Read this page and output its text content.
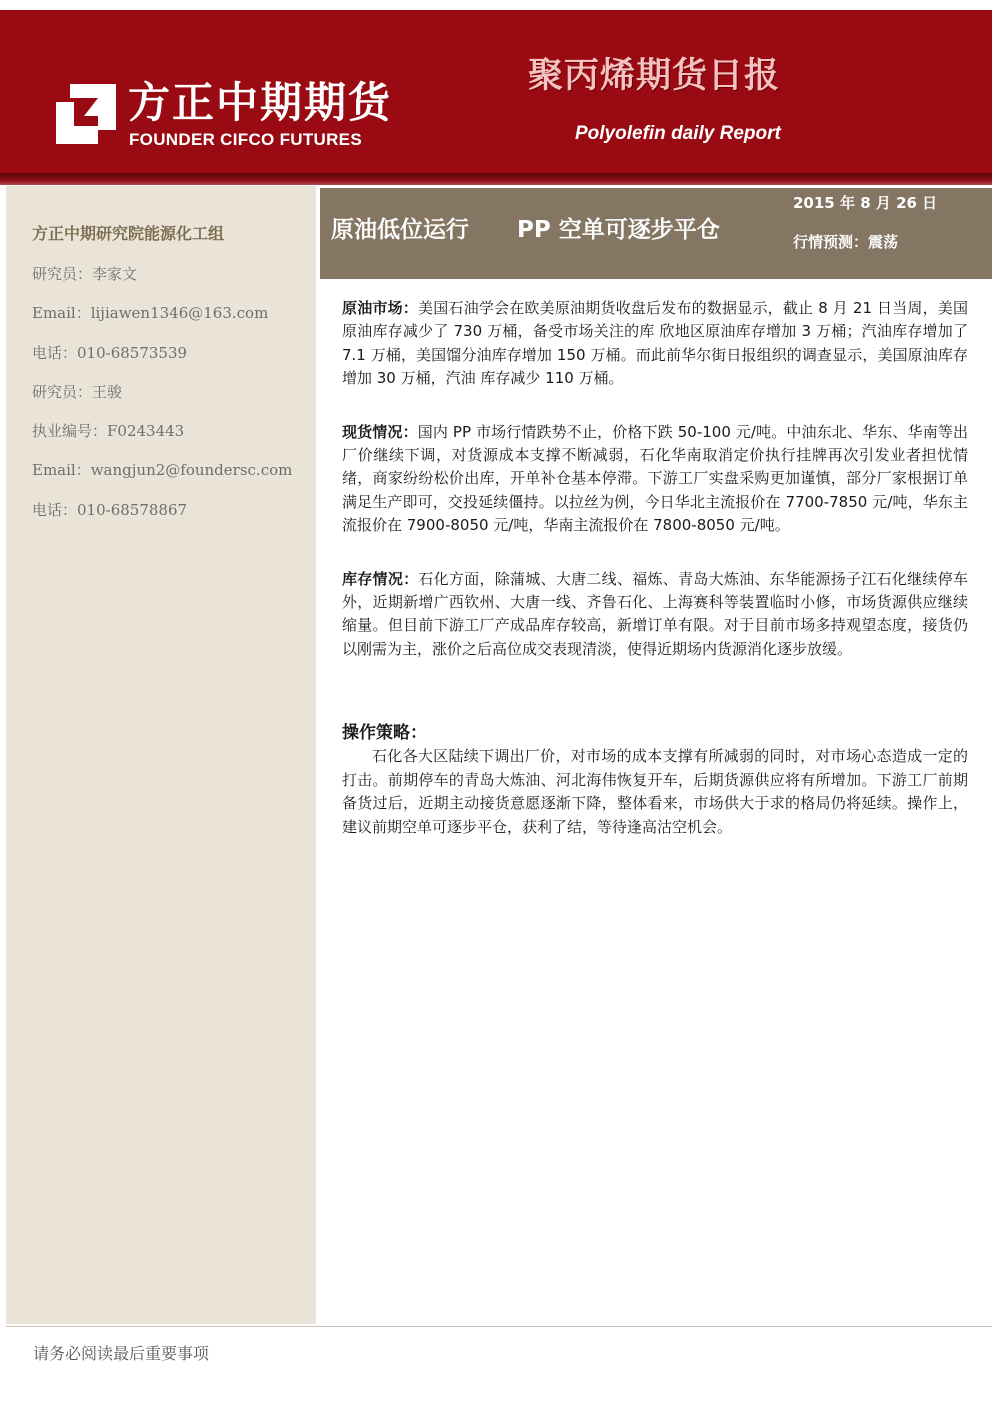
方正中期期货
FOUNDER CIFCO FUTURES
聚丙烯期货日报
Polyolefin daily Report
方正中期研究院能源化工组
研究员：李家文
Email：lijiawen1346@163.com
电话：010-68573539
研究员：王骏
执业编号：F0243443
Email：wangjun2@foundersc.com
电话：010-68578867
原油低位运行      PP 空单可逐步平仓
2015 年 8 月 26 日
行情预测：震荡

原油市场：美国石油学会在欧美原油期货收盘后发布的数据显示，截止 8 月 21 日当周，美国原油库存减少了 730 万桶，备受市场关注的库 欣地区原油库存增加 3 万桶；汽油库存增加了 7.1 万桶，美国馏分油库存增加 150 万桶。而此前华尔街日报组织的调查显示，美国原油库存增加 30 万桶，汽油 库存减少 110 万桶。

现货情况：国内 PP 市场行情跌势不止，价格下跌 50-100 元/吨。中油东北、华东、华南等出厂价继续下调，对货源成本支撑不断减弱，石化华南取消定价执行挂牌再次引发业者担忧情绪，商家纷纷松价出库，开单补仓基本停滞。下游工厂实盘采购更加谨慎，部分厂家根据订单满足生产即可，交投延续僵持。以拉丝为例，今日华北主流报价在 7700-7850 元/吨，华东主流报价在 7900-8050 元/吨，华南主流报价在 7800-8050 元/吨。

库存情况：石化方面，除蒲城、大唐二线、福炼、青岛大炼油、东华能源扬子江石化继续停车外，近期新增广西钦州、大唐一线、齐鲁石化、上海赛科等装置临时小修，市场货源供应继续缩量。但目前下游工厂产成品库存较高，新增订单有限。对于目前市场多持观望态度，接货仍以刚需为主，涨价之后高位成交表现清淡，使得近期场内货源消化逐步放缓。

操作策略：

石化各大区陆续下调出厂价，对市场的成本支撑有所减弱的同时，对市场心态造成一定的打击。前期停车的青岛大炼油、河北海伟恢复开车，后期货源供应将有所增加。下游工厂前期备货过后，近期主动接货意愿逐渐下降，整体看来，市场供大于求的格局仍将延续。操作上，建议前期空单可逐步平仓，获利了结，等待逢高沽空机会。

请务必阅读最后重要事项
